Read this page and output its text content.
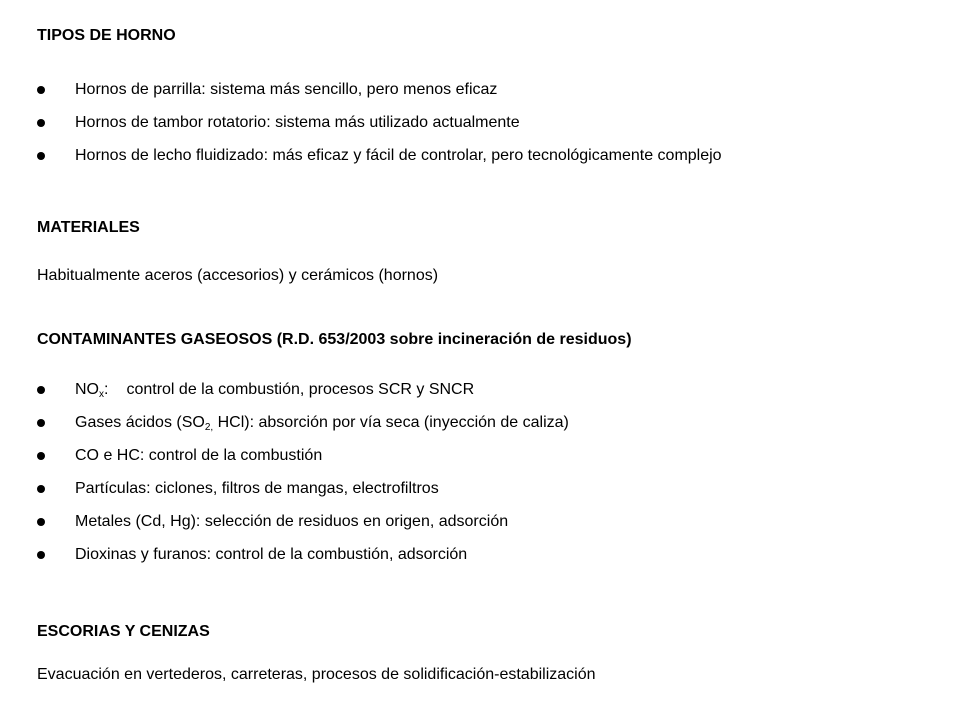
TIPOS DE HORNO
Hornos de parrilla: sistema más sencillo, pero menos eficaz
Hornos de tambor rotatorio: sistema más utilizado actualmente
Hornos de lecho fluidizado: más eficaz y fácil de controlar, pero tecnológicamente complejo
MATERIALES
Habitualmente aceros (accesorios) y cerámicos (hornos)
CONTAMINANTES GASEOSOS (R.D. 653/2003 sobre incineración de residuos)
$NO_x$: control de la combustión, procesos SCR y SNCR
Gases ácidos ($SO_{2,}$ HCl): absorción por vía seca (inyección de caliza)
CO e HC: control de la combustión
Partículas: ciclones, filtros de mangas, electrofiltros
Metales (Cd, Hg): selección de residuos en origen, adsorción
Dioxinas y furanos: control de la combustión, adsorción
ESCORIAS Y CENIZAS
Evacuación en vertederos, carreteras, procesos de solidificación-estabilización
